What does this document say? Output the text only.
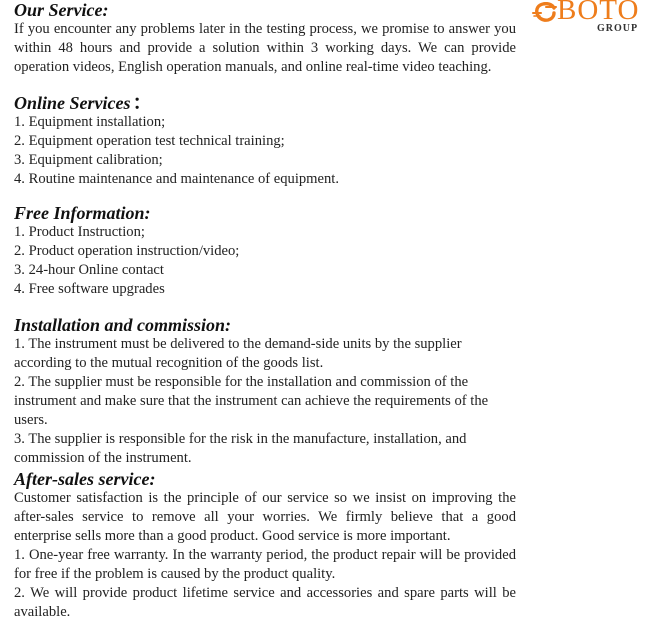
BOTO
GROUP
Our Service:

If you encounter any problems later in the testing process, we promise to answer you within 48 hours and provide a solution within 3 working days. We can provide operation videos, English operation manuals, and online real-time video teaching.

Online Services ：
1. Equipment installation;
2. Equipment operation test technical training;
3. Equipment calibration;
4. Routine maintenance and maintenance of equipment.
Free Information:
1. Product Instruction;
2. Product operation instruction/video;
3. 24-hour Online contact
4. Free software upgrades
Installation and commission:
1. The instrument must be delivered to the demand-side units by the supplier according to the mutual recognition of the goods list.
2. The supplier must be responsible for the installation and commission of the instrument and make sure that the instrument can achieve the requirements of the users.
3. The supplier is responsible for the risk in the manufacture, installation, and commission of the instrument.
After-sales service:
Customer satisfaction is the principle of our service so we insist on improving the after-sales service to remove all your worries. We firmly believe that a good enterprise sells more than a good product. Good service is more important.
1. One-year free warranty. In the warranty period, the product repair will be provided for free if the problem is caused by the product quality.
2. We will provide product lifetime service and accessories and spare parts will be available.
